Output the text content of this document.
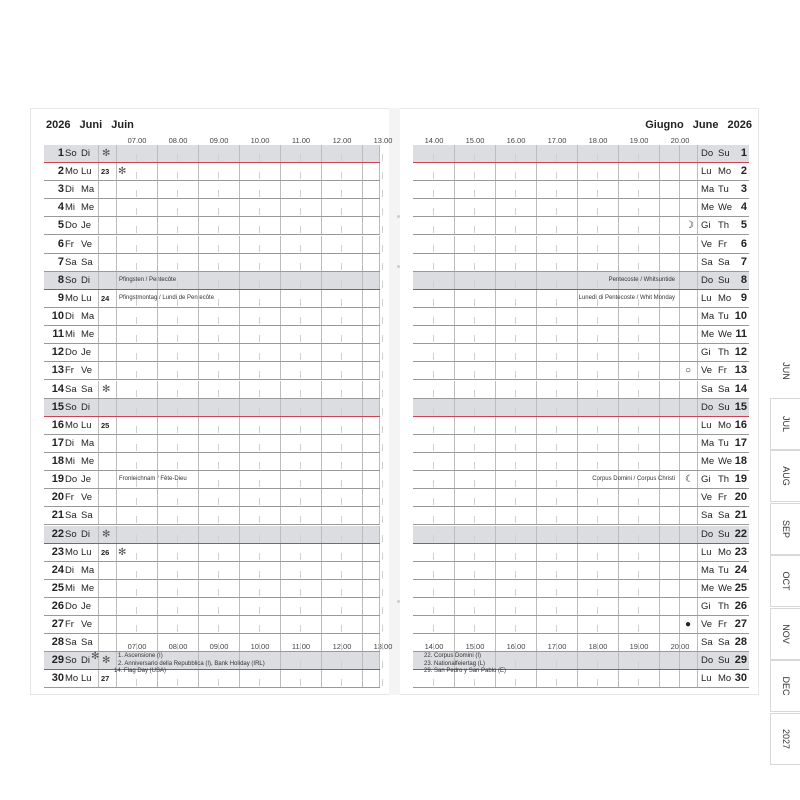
2026 Juni Juin	Giugno June 2026
07.00	08.00	09.00	10.00	11.00	12.00	13.00	14.00	15.00	16.00	17.00	18.00	19.00	20.00
07.00	08.00	09.00	10.00	11.00	12.00	13.00	14.00	15.00	16.00	17.00	18.00	19.00	20.00
1 So Di ✻
2 Mo Lu 23 ✻
3 Di Ma
4 Mi Me
5 Do Je
6 Fr Ve
7 Sa Sa
8 So Di	Pfingsten / Pentecôte
9 Mo Lu 24 Pfingstmontag / Lundi de Pentecôte
10 Di Ma
11 Mi Me
12 Do Je
13 Fr Ve
14 Sa Sa ✻
15 So Di
16 Mo Lu 25
17 Di Ma
18 Mi Me
19 Do Je	Fronleichnam / Fête-Dieu
20 Fr Ve
21 Sa Sa
22 So Di ✻
23 Mo Lu 26 ✻
24 Di Ma
25 Mi Me
26 Do Je
27 Fr Ve
28 Sa Sa
29 So Di ✻
30 Mo Lu 27
Do Su	1
Lu Mo 2
Ma Tu	3
Me We 4
☽ Gi Th	5
Ve Fr	6
Sa Sa	7
Pentecoste / Whitsuntide	Do Su	8
Lunedì di Pentecoste / Whit Monday	Lu Mo 9
Ma Tu 10
Me We 11
Gi Th 12
○ Ve Fr 13
Sa Sa 14
Do Su 15
Lu Mo 16
Ma Tu 17
Me We 18
Corpus Domini / Corpus Christi ☾ Gi Th 19
Ve Fr 20
Sa Sa 21
Do Su 22
Lu Mo 23
Ma Tu 24
Me We 25
Gi Th 26
● Ve Fr 27
Sa Sa 28
Do Su 29
Lu Mo 30
✻	1. Ascensione (I)
2. Anniversario della Repubblica (I), Bank Holiday (IRL)
14. Flag Day (USA)
22. Corpus Domini (I)
23. Nationalfeiertag (L)
29. San Pedro y San Pablo (E)
JUN
JUL
AUG
SEP
OCT
NOV
DEC
2027
